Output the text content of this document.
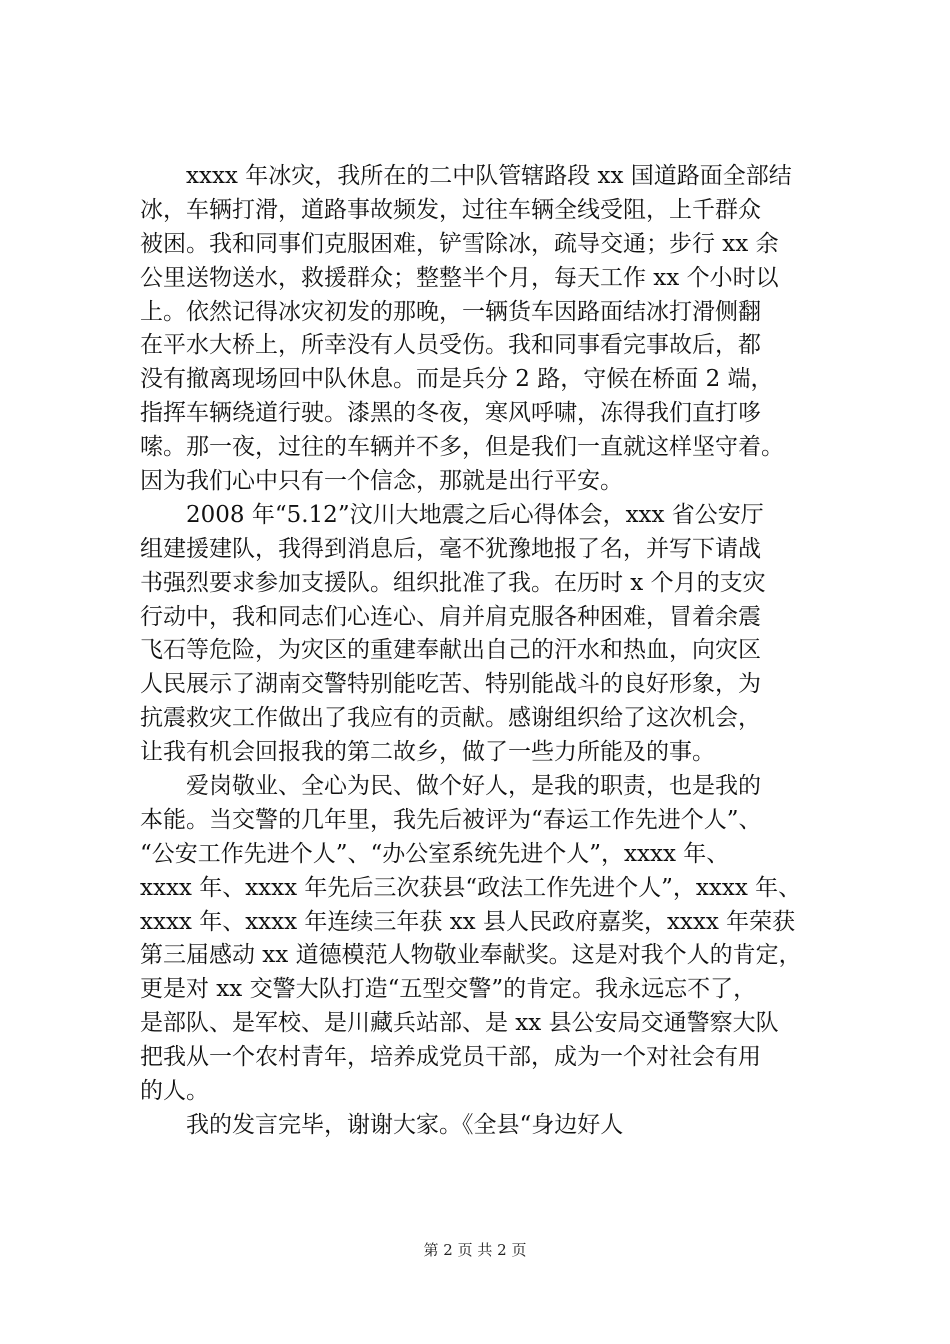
　　xxxx 年冰灾，我所在的二中队管辖路段 xx 国道路面全部结
冰，车辆打滑，道路事故频发，过往车辆全线受阻，上千群众
被困。我和同事们克服困难，铲雪除冰，疏导交通；步行 xx 余
公里送物送水，救援群众；整整半个月，每天工作 xx 个小时以
上。依然记得冰灾初发的那晚，一辆货车因路面结冰打滑侧翻
在平水大桥上，所幸没有人员受伤。我和同事看完事故后，都
没有撤离现场回中队休息。而是兵分 2 路，守候在桥面 2 端，
指挥车辆绕道行驶。漆黑的冬夜，寒风呼啸，冻得我们直打哆
嗦。那一夜，过往的车辆并不多，但是我们一直就这样坚守着。
因为我们心中只有一个信念，那就是出行平安。
　　2008 年“5.12”汶川大地震之后心得体会，xxx 省公安厅
组建援建队，我得到消息后，毫不犹豫地报了名，并写下请战
书强烈要求参加支援队。组织批准了我。在历时 x 个月的支灾
行动中，我和同志们心连心、肩并肩克服各种困难，冒着余震
飞石等危险，为灾区的重建奉献出自己的汗水和热血，向灾区
人民展示了湖南交警特别能吃苦、特别能战斗的良好形象，为
抗震救灾工作做出了我应有的贡献。感谢组织给了这次机会，
让我有机会回报我的第二故乡，做了一些力所能及的事。
　　爱岗敬业、全心为民、做个好人，是我的职责，也是我的
本能。当交警的几年里，我先后被评为“春运工作先进个人”、
“公安工作先进个人”、“办公室系统先进个人”，xxxx 年、
xxxx 年、xxxx 年先后三次获县“政法工作先进个人”，xxxx 年、
xxxx 年、xxxx 年连续三年获 xx 县人民政府嘉奖，xxxx 年荣获
第三届感动 xx 道德模范人物敬业奉献奖。这是对我个人的肯定，
更是对 xx 交警大队打造“五型交警”的肯定。我永远忘不了，
是部队、是军校、是川藏兵站部、是 xx 县公安局交通警察大队
把我从一个农村青年，培养成党员干部，成为一个对社会有用
的人。
　　我的发言完毕，谢谢大家。《全县“身边好人
第 2 页 共 2 页
